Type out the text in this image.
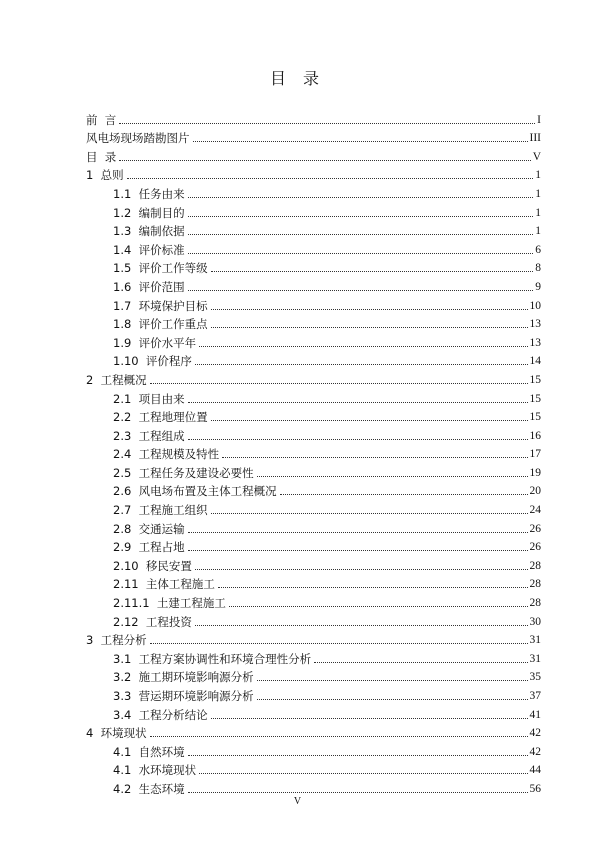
目 录
前  言	I
风电场现场踏勘图片	III
目  录	V
1  总则	1
1.1  任务由来	1
1.2  编制目的	1
1.3  编制依据	1
1.4  评价标准	6
1.5  评价工作等级	8
1.6  评价范围	9
1.7  环境保护目标	10
1.8  评价工作重点	13
1.9  评价水平年	13
1.10  评价程序	14
2  工程概况	15
2.1  项目由来	15
2.2  工程地理位置	15
2.3  工程组成	16
2.4  工程规模及特性	17
2.5  工程任务及建设必要性	19
2.6  风电场布置及主体工程概况	20
2.7  工程施工组织	24
2.8  交通运输	26
2.9  工程占地	26
2.10  移民安置	28
2.11  主体工程施工	28
2.11.1  土建工程施工	28
2.12  工程投资	30
3  工程分析	31
3.1  工程方案协调性和环境合理性分析	31
3.2  施工期环境影响源分析	35
3.3  营运期环境影响源分析	37
3.4  工程分析结论	41
4  环境现状	42
4.1  自然环境	42
4.1  水环境现状	44
4.2  生态环境	56
V
